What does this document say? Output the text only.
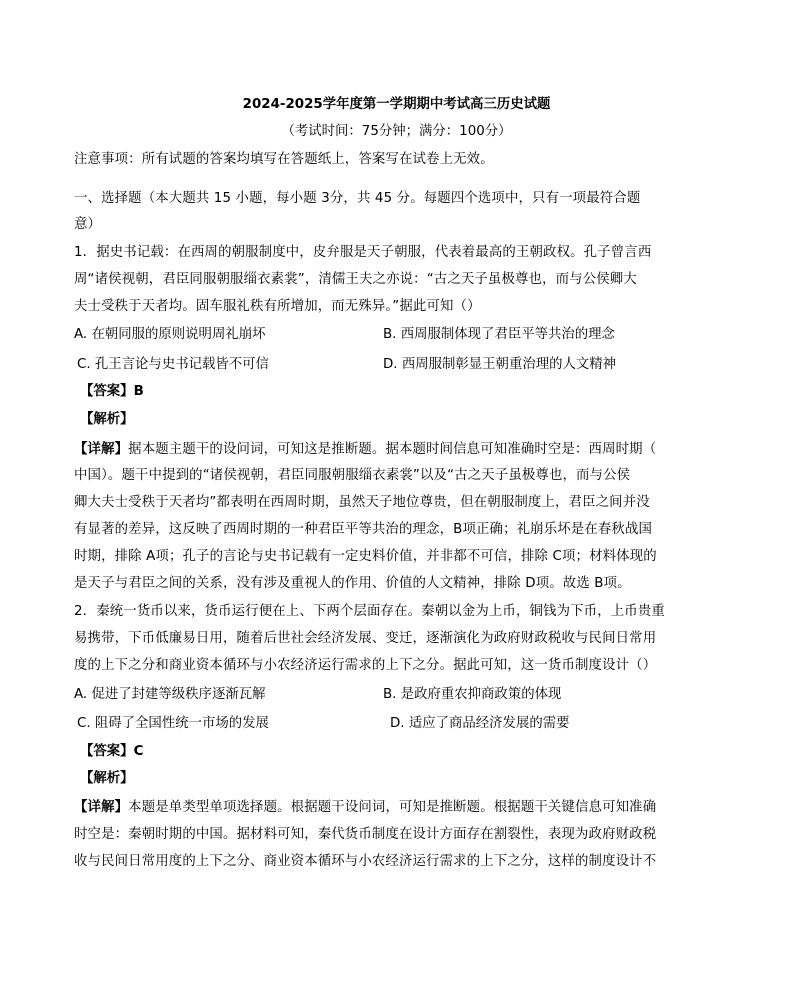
2024-2025学年度第一学期期中考试高三历史试题
（考试时间：75分钟；满分：100分）
注意事项：所有试题的答案均填写在答题纸上，答案写在试卷上无效。
一、选择题（本大题共 15 小题，每小题 3分，共 45 分。每题四个选项中，只有一项最符合题
意）
1．据史书记载：在西周的朝服制度中，皮弁服是天子朝服，代表着最高的王朝政权。孔子曾言西
周“诸侯视朝，君臣同服朝服缁衣素裳”，清儒王夫之亦说：“古之天子虽极尊也，而与公侯卿大
夫士受秩于天者均。固车服礼秩有所增加，而无殊异。”据此可知（）
A. 在朝同服的原则说明周礼崩坏	B. 西周服制体现了君臣平等共治的理念
C. 孔王言论与史书记载皆不可信	D. 西周服制彰显王朝重治理的人文精神
【答案】B
【解析】
【详解】据本题主题干的设问词，可知这是推断题。据本题时间信息可知准确时空是：西周时期（
中国）。题干中提到的“诸侯视朝，君臣同服朝服缁衣素裳”以及“古之天子虽极尊也，而与公侯
卿大夫士受秩于天者均”都表明在西周时期，虽然天子地位尊贵，但在朝服制度上，君臣之间并没
有显著的差异，这反映了西周时期的一种君臣平等共治的理念，B项正确；礼崩乐坏是在春秋战国
时期，排除 A项；孔子的言论与史书记载有一定史料价值，并非都不可信，排除 C项；材料体现的
是天子与君臣之间的关系，没有涉及重视人的作用、价值的人文精神，排除 D项。故选 B项。
2．秦统一货币以来，货币运行便在上、下两个层面存在。秦朝以金为上币，铜钱为下币，上币贵重
易携带，下币低廉易日用，随着后世社会经济发展、变迁，逐渐演化为政府财政税收与民间日常用
度的上下之分和商业资本循环与小农经济运行需求的上下之分。据此可知，这一货币制度设计（）
A. 促进了封建等级秩序逐渐瓦解	B. 是政府重农抑商政策的体现
C. 阻碍了全国性统一市场的发展	D. 适应了商品经济发展的需要
【答案】C
【解析】
【详解】本题是单类型单项选择题。根据题干设问词，可知是推断题。根据题干关键信息可知准确
时空是：秦朝时期的中国。据材料可知，秦代货币制度在设计方面存在割裂性，表现为政府财政税
收与民间日常用度的上下之分、商业资本循环与小农经济运行需求的上下之分，这样的制度设计不
